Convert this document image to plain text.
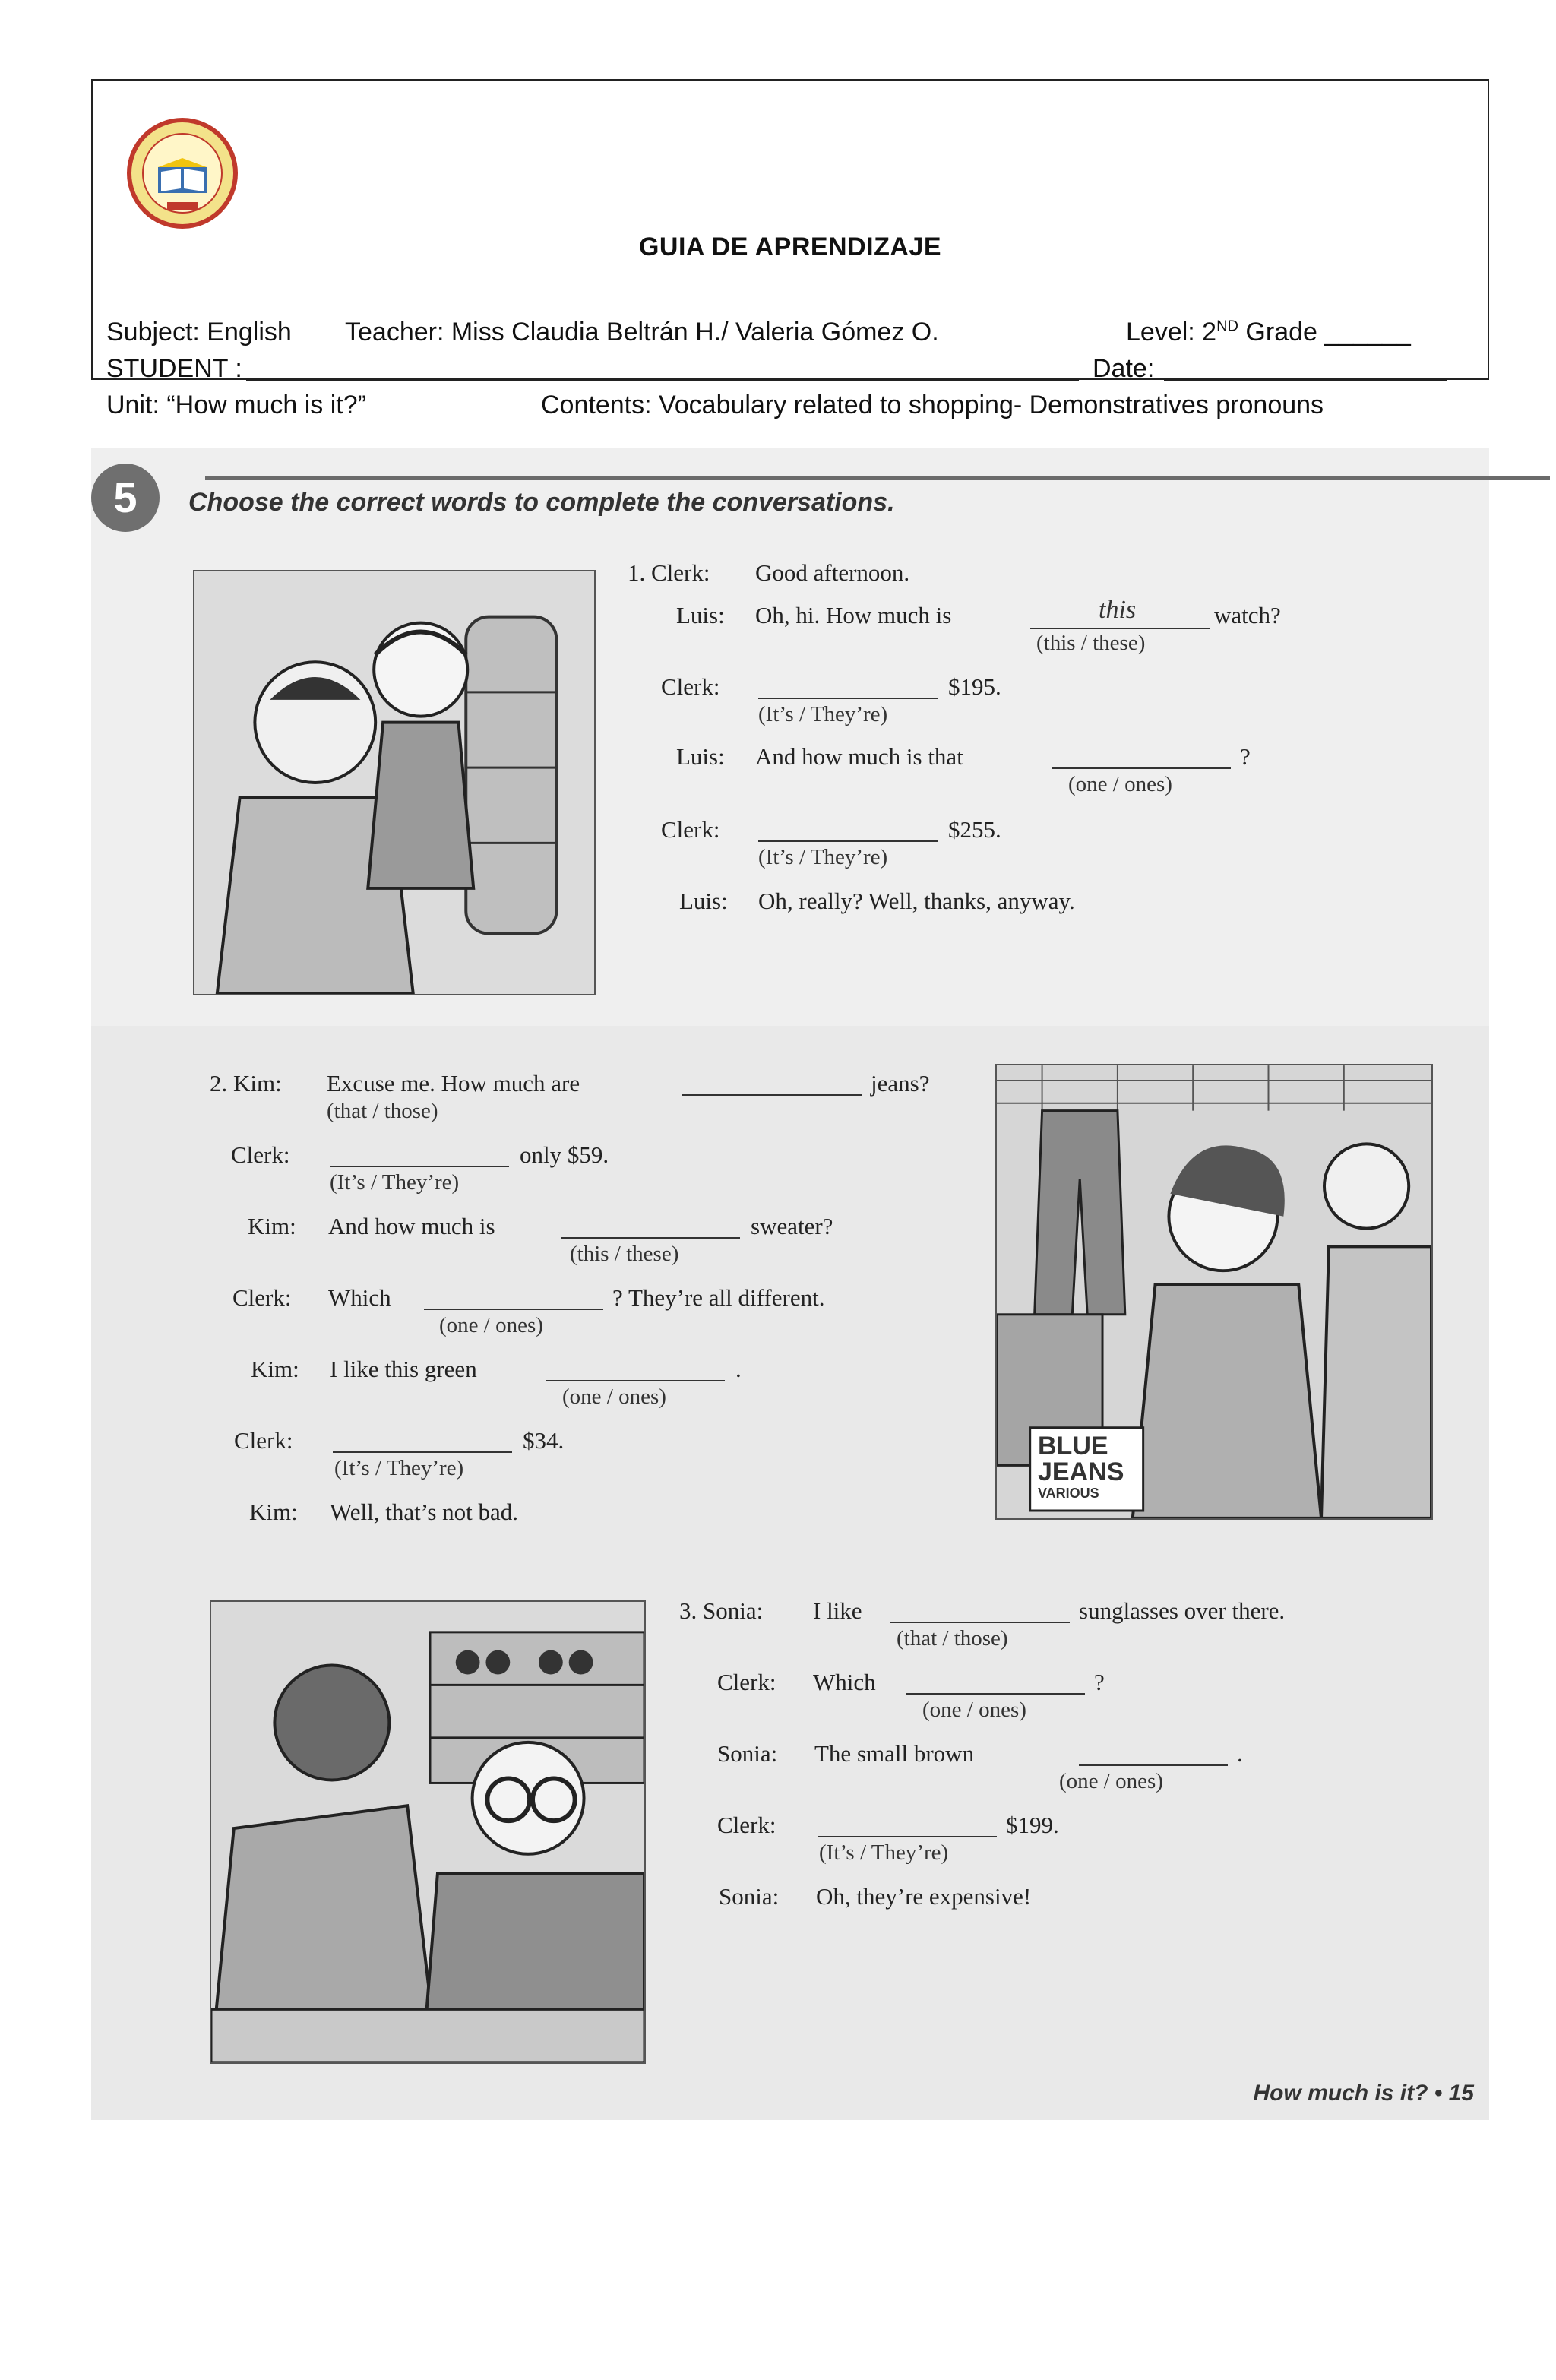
GUIA DE APRENDIZAJE
Subject: English Teacher: Miss Claudia Beltrán H./ Valeria Gómez O.	Level: 2ND Grade ______
STUDENT :	Date:
Unit: “How much is it?”	Contents: Vocabulary related to shopping- Demonstratives pronouns
5	Choose the correct words to complete the conversations.
1. Clerk: Good afternoon.
Luis: Oh, hi. How much is	this	watch?
(this / these)
Clerk:	$195.
(It’s / They’re)
Luis: And how much is that	?
(one / ones)
Clerk:	$255.
(It’s / They’re)
Luis: Oh, really? Well, thanks, anyway.
2. Kim: Excuse me. How much are	jeans?
(that / those)
Clerk:	only $59.
(It’s / They’re)
Kim: And how much is	sweater?
(this / these)
Clerk: Which	? They’re all different.
(one / ones)
Kim: I like this green	.
(one / ones)
Clerk:	$34.
(It’s / They’re)
Kim: Well, that’s not bad.
BLUE
JEANS
VARIOUS
3. Sonia: I like	sunglasses over there.
(that / those)
Clerk: Which	?
(one / ones)
Sonia: The small brown	.
(one / ones)
Clerk:	$199.
(It’s / They’re)
Sonia: Oh, they’re expensive!
How much is it? • 15
